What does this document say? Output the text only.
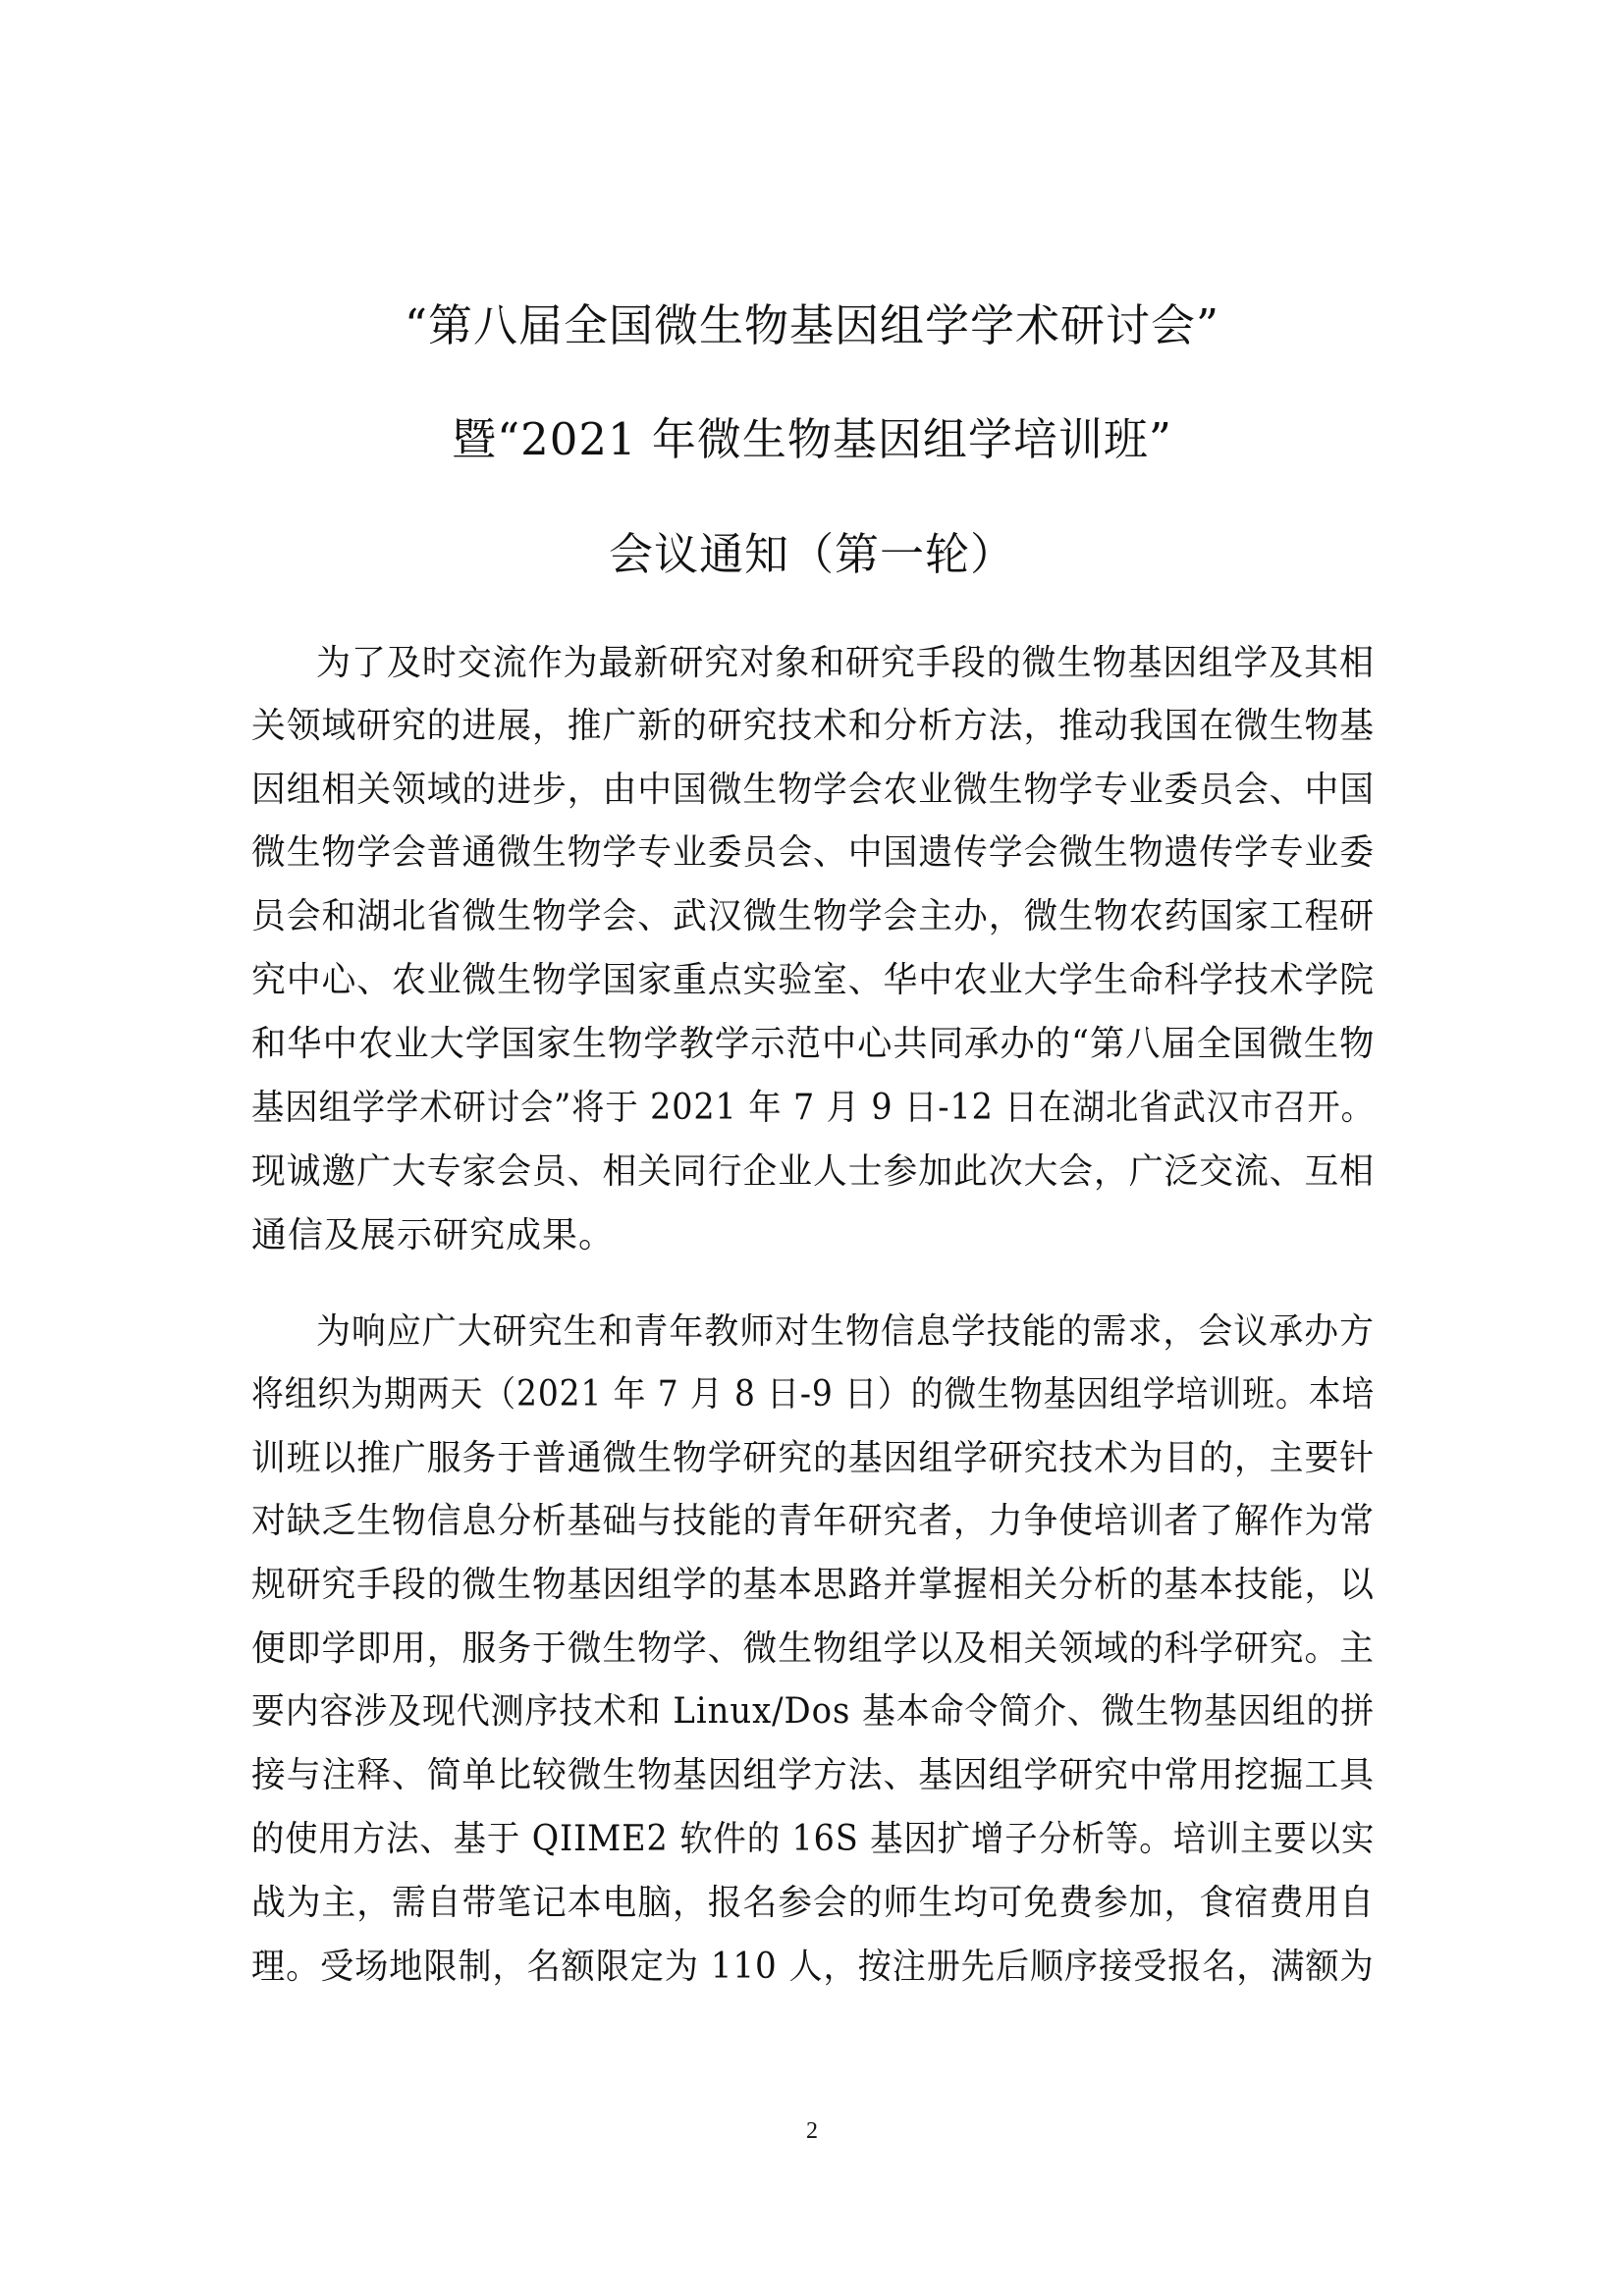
“第八届全国微生物基因组学学术研讨会”
暨“2021 年微生物基因组学培训班”
会议通知（第一轮）
为了及时交流作为最新研究对象和研究手段的微生物基因组学及其相
关领域研究的进展，推广新的研究技术和分析方法，推动我国在微生物基
因组相关领域的进步，由中国微生物学会农业微生物学专业委员会、中国
微生物学会普通微生物学专业委员会、中国遗传学会微生物遗传学专业委
员会和湖北省微生物学会、武汉微生物学会主办，微生物农药国家工程研
究中心、农业微生物学国家重点实验室、华中农业大学生命科学技术学院
和华中农业大学国家生物学教学示范中心共同承办的“第八届全国微生物
基因组学学术研讨会”将于 2021 年 7 月 9 日-12 日在湖北省武汉市召开。
现诚邀广大专家会员、相关同行企业人士参加此次大会，广泛交流、互相
通信及展示研究成果。
为响应广大研究生和青年教师对生物信息学技能的需求，会议承办方
将组织为期两天（2021 年 7 月 8 日-9 日）的微生物基因组学培训班。本培
训班以推广服务于普通微生物学研究的基因组学研究技术为目的，主要针
对缺乏生物信息分析基础与技能的青年研究者，力争使培训者了解作为常
规研究手段的微生物基因组学的基本思路并掌握相关分析的基本技能，以
便即学即用，服务于微生物学、微生物组学以及相关领域的科学研究。主
要内容涉及现代测序技术和 Linux/Dos 基本命令简介、微生物基因组的拼
接与注释、简单比较微生物基因组学方法、基因组学研究中常用挖掘工具
的使用方法、基于 QIIME2 软件的 16S 基因扩增子分析等。培训主要以实
战为主，需自带笔记本电脑，报名参会的师生均可免费参加，食宿费用自
理。受场地限制，名额限定为 110 人，按注册先后顺序接受报名，满额为
2
